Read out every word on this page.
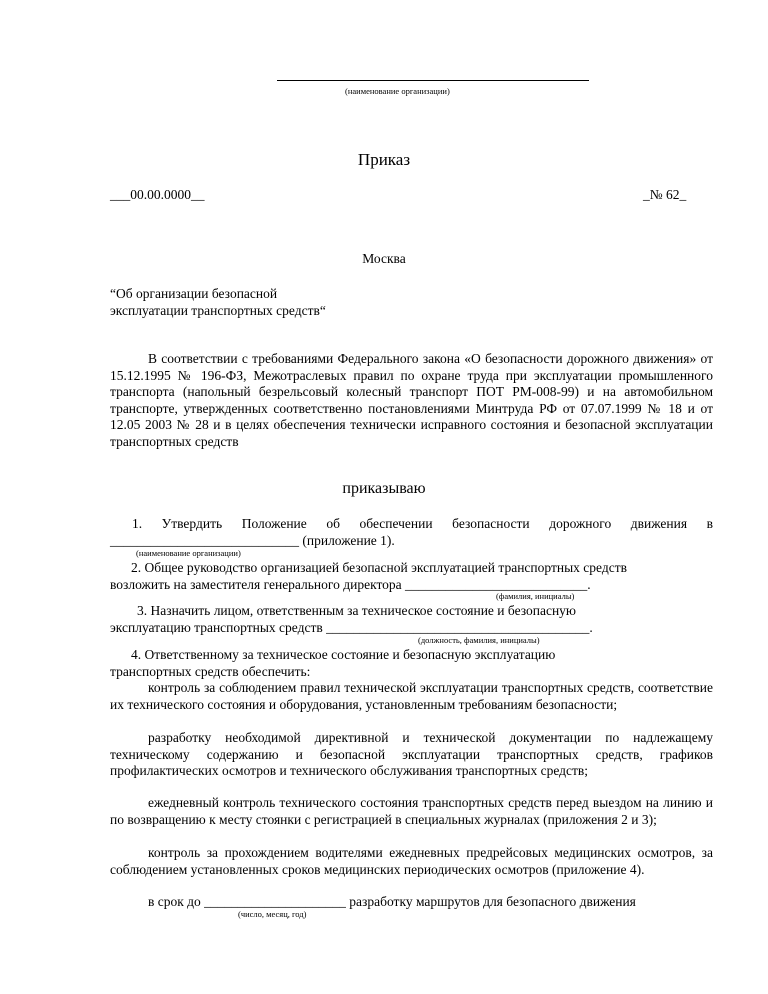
(наименование организации)
Приказ
___00.00.0000__	_№ 62_
Москва
“Об организации безопасной эксплуатации транспортных средств“
В соответствии с требованиями Федерального закона «О безопасности дорожного движения» от 15.12.1995 № 196-ФЗ, Межотраслевых правил по охране труда при эксплуатации промышленного транспорта (напольный безрельсовый колесный транспорт ПОТ РМ-008-99) и на автомобильном транспорте, утвержденных соответственно постановлениями Минтруда РФ от 07.07.1999 № 18 и от 12.05 2003 № 28 и в целях обеспечения технически исправного состояния и безопасной эксплуатации транспортных средств
приказываю
1. Утвердить Положение об обеспечении безопасности дорожного движения в
____________________________ (приложение 1).
(наименование организации)
2. Общее руководство организацией безопасной эксплуатацией транспортных средств
возложить на заместителя генерального директора ___________________________.
(фамилия, инициалы)
3. Назначить лицом, ответственным за техническое состояние и безопасную
эксплуатацию транспортных средств _______________________________________.
(должность, фамилия, инициалы)
4. Ответственному за техническое состояние и безопасную эксплуатацию
транспортных средств обеспечить:
контроль за соблюдением правил технической эксплуатации транспортных средств, соответствие их технического состояния и оборудования, установленным требованиям безопасности;
разработку необходимой директивной и технической документации по надлежащему техническому содержанию и безопасной эксплуатации транспортных средств, графиков профилактических осмотров и технического обслуживания транспортных средств;
ежедневный контроль технического состояния транспортных средств перед выездом на линию и по возвращению к месту стоянки с регистрацией в специальных журналах (приложения 2 и 3);
контроль за прохождением водителями ежедневных предрейсовых медицинских осмотров, за соблюдением установленных сроков медицинских периодических осмотров (приложение 4).
в срок до _____________________ разработку маршрутов для безопасного движения
(число, месяц, год)
